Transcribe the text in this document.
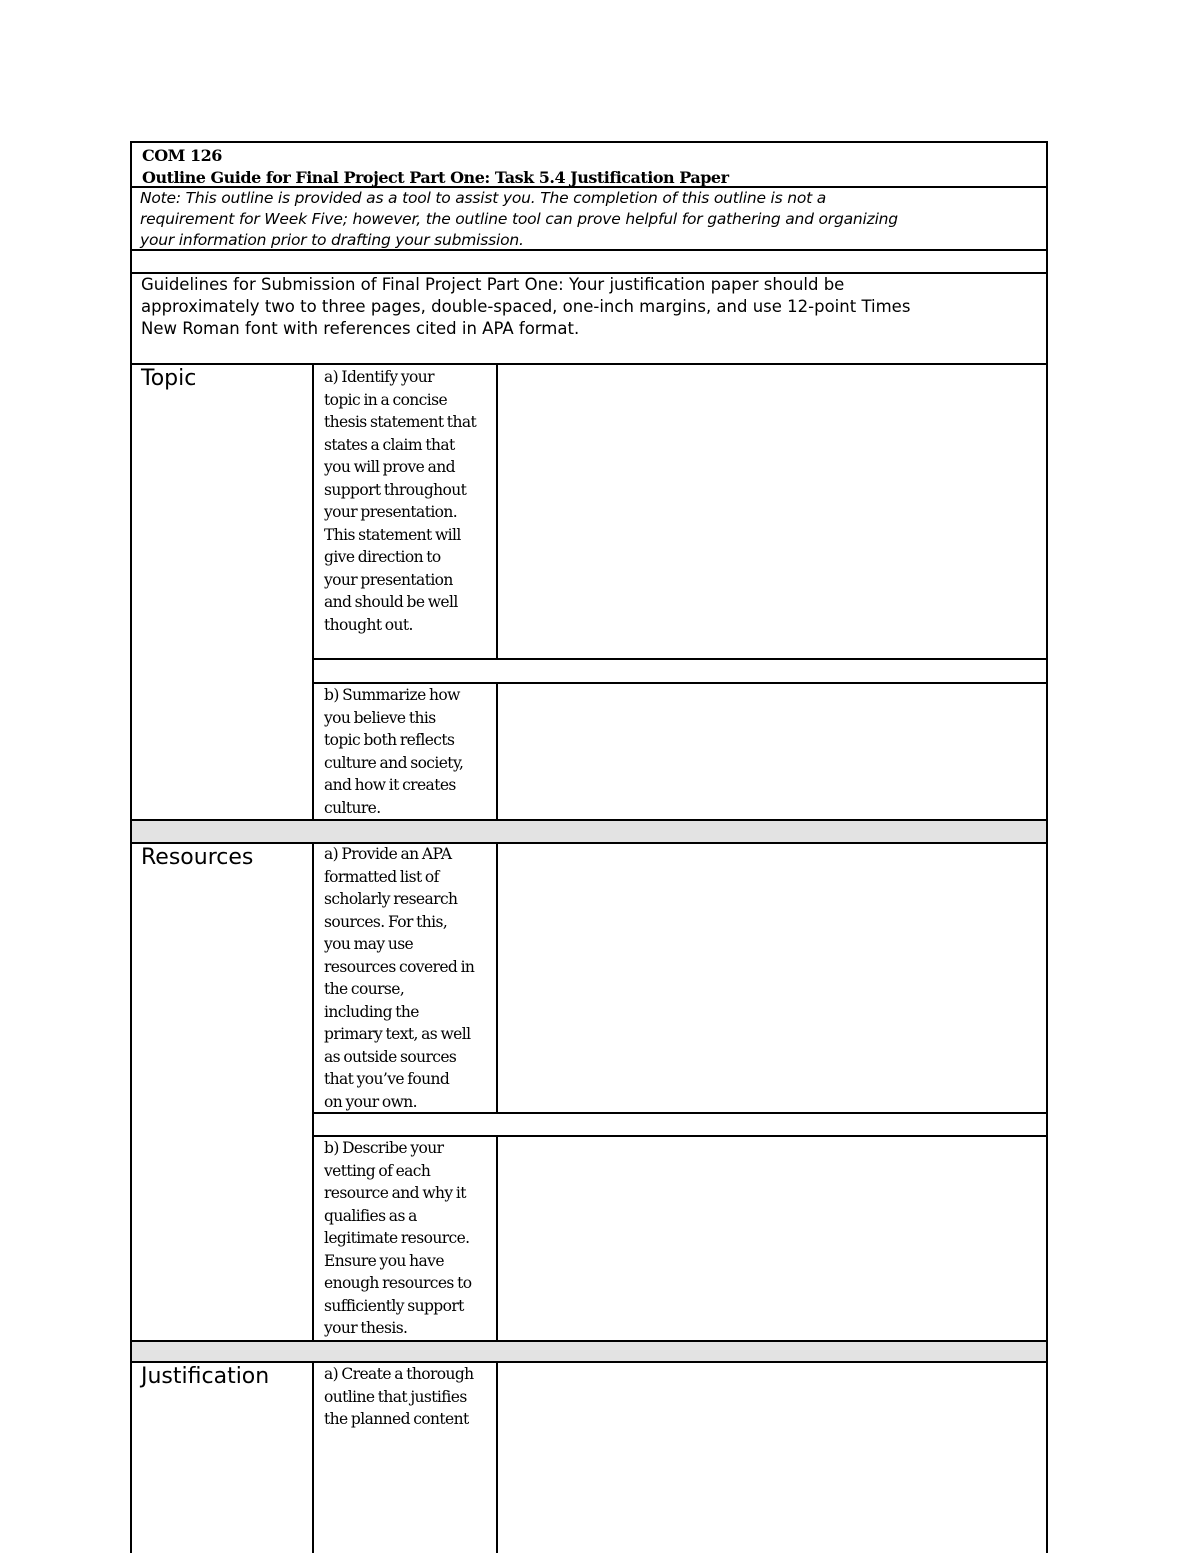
COM 126
Outline Guide for Final Project Part One: Task 5.4 Justification Paper
Note: This outline is provided as a tool to assist you. The completion of this outline is not a
requirement for Week Five; however, the outline tool can prove helpful for gathering and organizing
your information prior to drafting your submission.
Guidelines for Submission of Final Project Part One: Your justification paper should be
approximately two to three pages, double-spaced, one-inch margins, and use 12-point Times
New Roman font with references cited in APA format.
Topic	a) Identify your
topic in a concise
thesis statement that
states a claim that
you will prove and
support throughout
your presentation.
This statement will
give direction to
your presentation
and should be well
thought out.
b) Summarize how
you believe this
topic both reflects
culture and society,
and how it creates
culture.
Resources	a) Provide an APA
formatted list of
scholarly research
sources. For this,
you may use
resources covered in
the course,
including the
primary text, as well
as outside sources
that you’ve found
on your own.
b) Describe your
vetting of each
resource and why it
qualifies as a
legitimate resource.
Ensure you have
enough resources to
sufficiently support
your thesis.
Justification	a) Create a thorough
outline that justifies
the planned content
